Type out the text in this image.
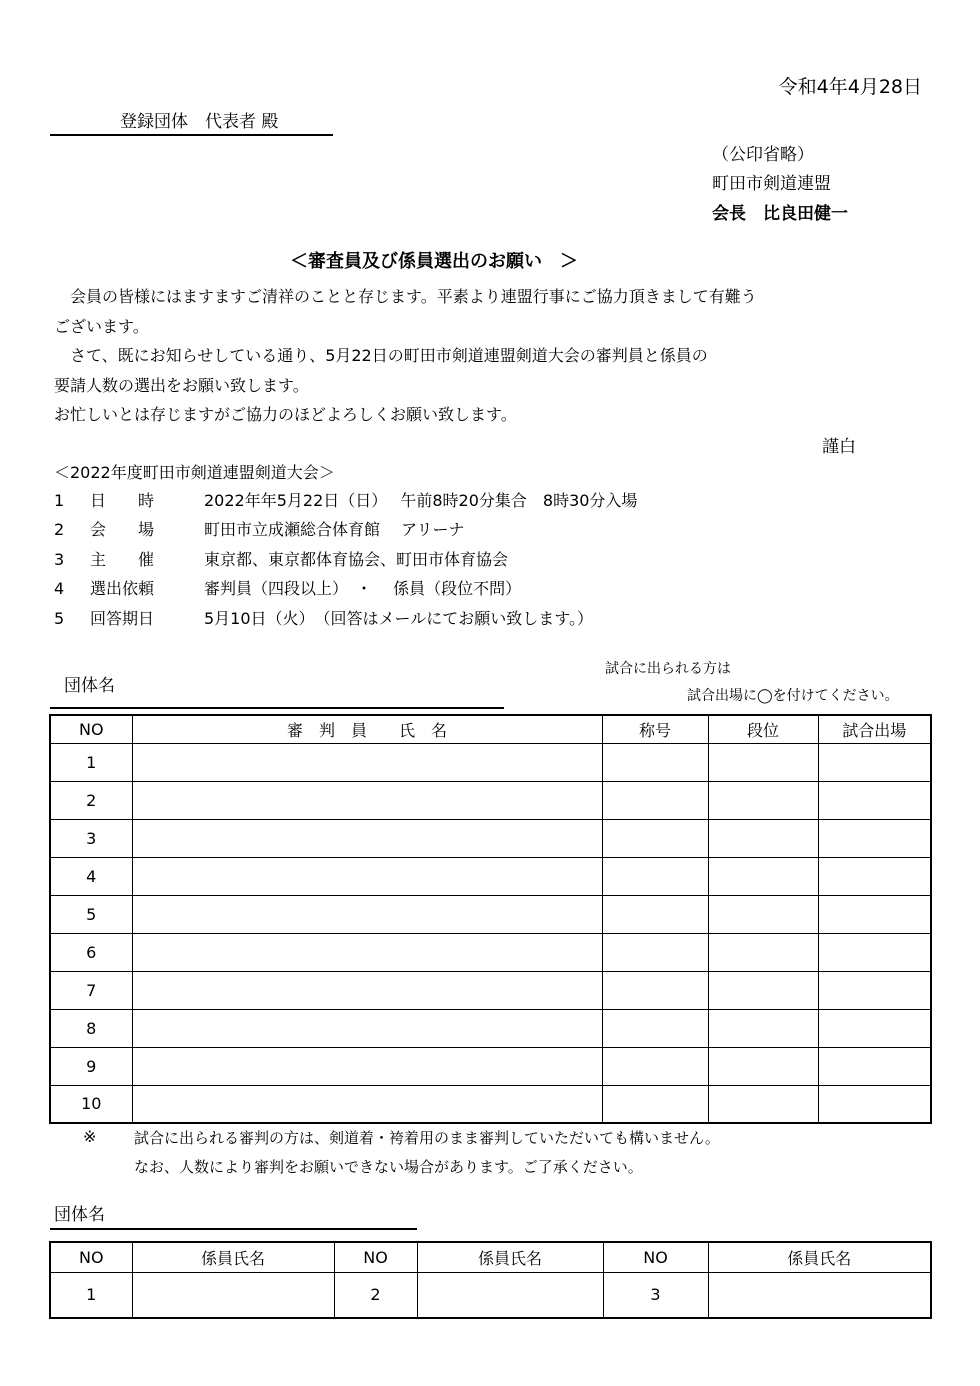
令和4年4月28日
登録団体　代表者 殿
（公印省略）
町田市剣道連盟
会長　比良田健一
＜審査員及び係員選出のお願い　＞
　会員の皆様にはますますご清祥のことと存じます。平素より連盟行事にご協力頂きまして有難う
ございます。
　さて、既にお知らせしている通り、5月22日の町田市剣道連盟剣道大会の審判員と係員の
要請人数の選出をお願い致します。
お忙しいとは存じますがご協力のほどよろしくお願い致します。
謹白
＜2022年度町田市剣道連盟剣道大会＞
1 日　　時	2022年年5月22日（日）　 午前8時20分集合　8時30分入場
2 会　　場	町田市立成瀬総合体育館　 アリーナ
3 主　　催	東京都、東京都体育協会、町田市体育協会
4 選出依頼	審判員（四段以上）　・　 係員（段位不問）
5 回答期日	5月10日（火）　（回答はメールにてお願い致します。）
団体名
試合に出られる方は
試合出場に◯を付けてください。
NO	審　判　員　　氏　名	称号	段位	試合出場
1				
2				
3				
4				
5				
6				
7				
8				
9				
10				
※	試合に出られる審判の方は、剣道着・袴着用のまま審判していただいても構いません。
なお、人数により審判をお願いできない場合があります。ご了承ください。
団体名
NO	係員氏名	NO	係員氏名	NO	係員氏名
1		2		3	
